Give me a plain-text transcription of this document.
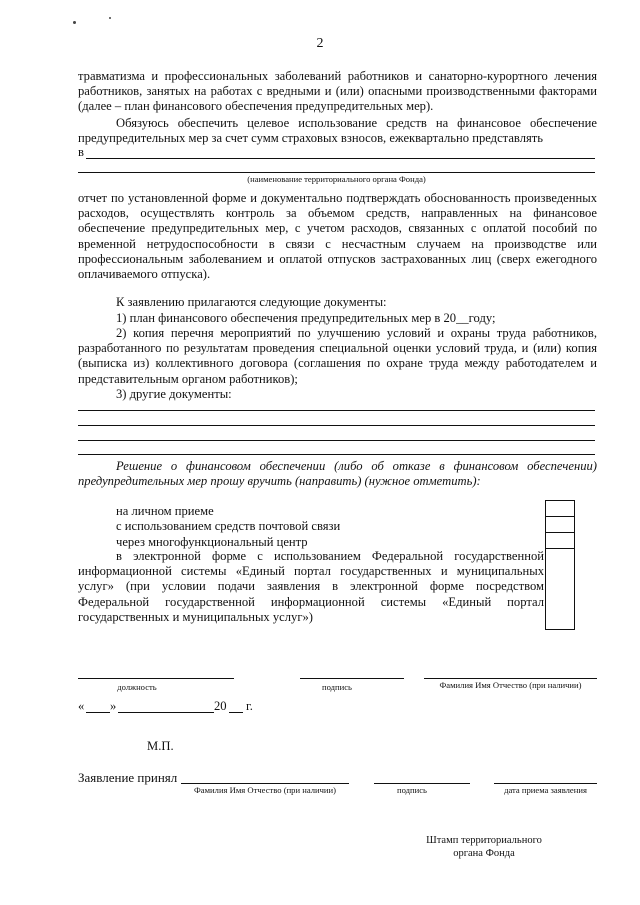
2
травматизма и профессиональных заболеваний работников и санаторно-курортного лечения работников, занятых на работах с вредными и (или) опасными производственными факторами (далее – план финансового обеспечения предупредительных мер).
Обязуюсь обеспечить целевое использование средств на финансовое обеспечение предупредительных мер за счет сумм страховых взносов, ежеквартально представлять
в
(наименование территориального органа Фонда)
отчет по установленной форме и документально подтверждать обоснованность произведенных расходов, осуществлять контроль за объемом средств, направленных на финансовое обеспечение предупредительных мер, с учетом расходов, связанных с оплатой пособий по временной нетрудоспособности в связи с несчастным случаем на производстве или профессиональным заболеванием и оплатой отпусков застрахованных лиц (сверх ежегодного оплачиваемого отпуска).
К заявлению прилагаются следующие документы:
1) план финансового обеспечения предупредительных мер в 20__году;
2) копия перечня мероприятий по улучшению условий и охраны труда работников, разработанного по результатам проведения специальной оценки условий труда, и (или) копия (выписка из) коллективного договора (соглашения по охране труда между работодателем и представительным органом работников);
3) другие документы:
Решение о финансовом обеспечении (либо об отказе в финансовом обеспечении) предупредительных мер прошу вручить (направить) (нужное отметить):
на личном приеме
с использованием средств почтовой связи
через многофункциональный центр
в электронной форме с использованием Федеральной государственной информационной системы «Единый портал государственных и муниципальных услуг» (при условии подачи заявления в электронной форме посредством Федеральной государственной информационной системы «Единый портал государственных и муниципальных услуг»)
должность	подпись	Фамилия Имя Отчество (при наличии)
« »	20 г.
М.П.
Заявление принял
Фамилия Имя Отчество (при наличии)	подпись	дата приема заявления
Штамп территориального
органа Фонда
